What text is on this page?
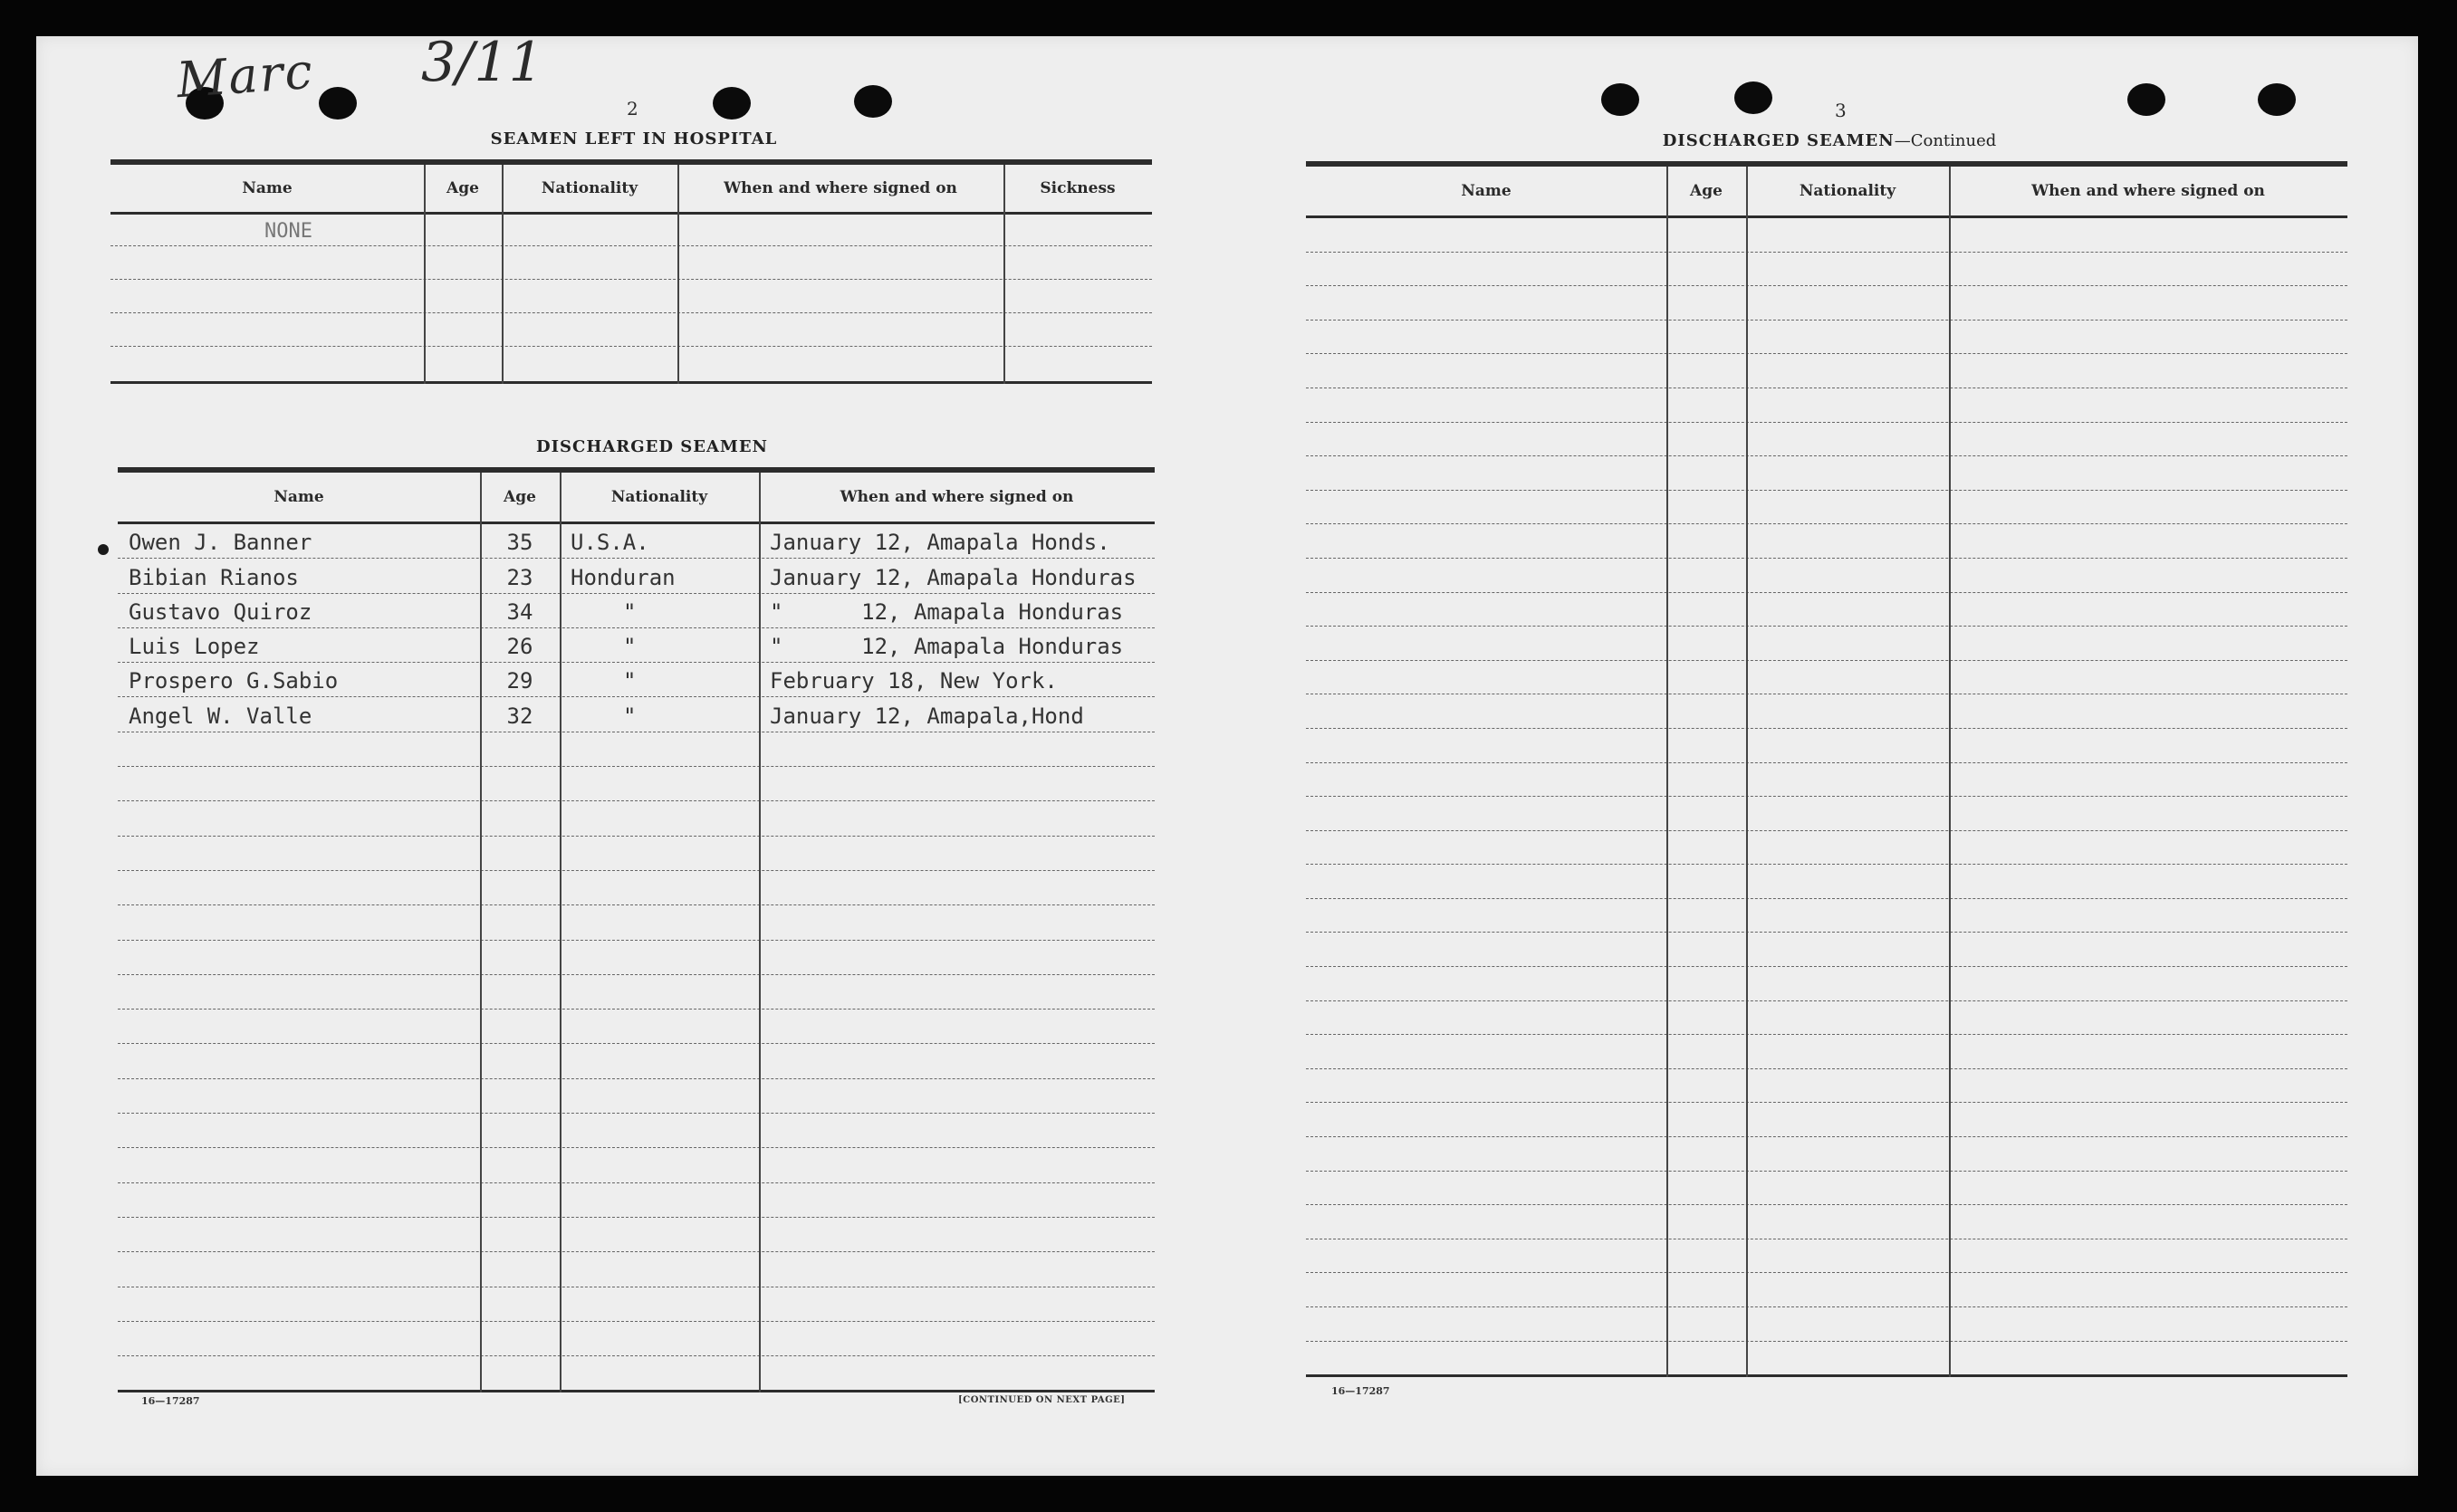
Marc 3/11
2	3
SEAMEN LEFT IN HOSPITAL
Name	Age	Nationality	When and where signed on	Sickness
NONE
DISCHARGED SEAMEN
Name	Age	Nationality	When and where signed on
Owen J. Banner	35	U.S.A.	January 12, Amapala Honds.
Bibian Rianos	23	Honduran	January 12, Amapala Honduras
Gustavo Quiroz	34	"	"      12, Amapala Honduras
Luis Lopez	26	"	"      12, Amapala Honduras
Prospero G.Sabio	29	"	February 18, New York.
Angel W. Valle	32	"	January 12, Amapala,Hond
16—17287	[CONTINUED ON NEXT PAGE]
DISCHARGED SEAMEN—Continued
Name	Age	Nationality	When and where signed on
16—17287
